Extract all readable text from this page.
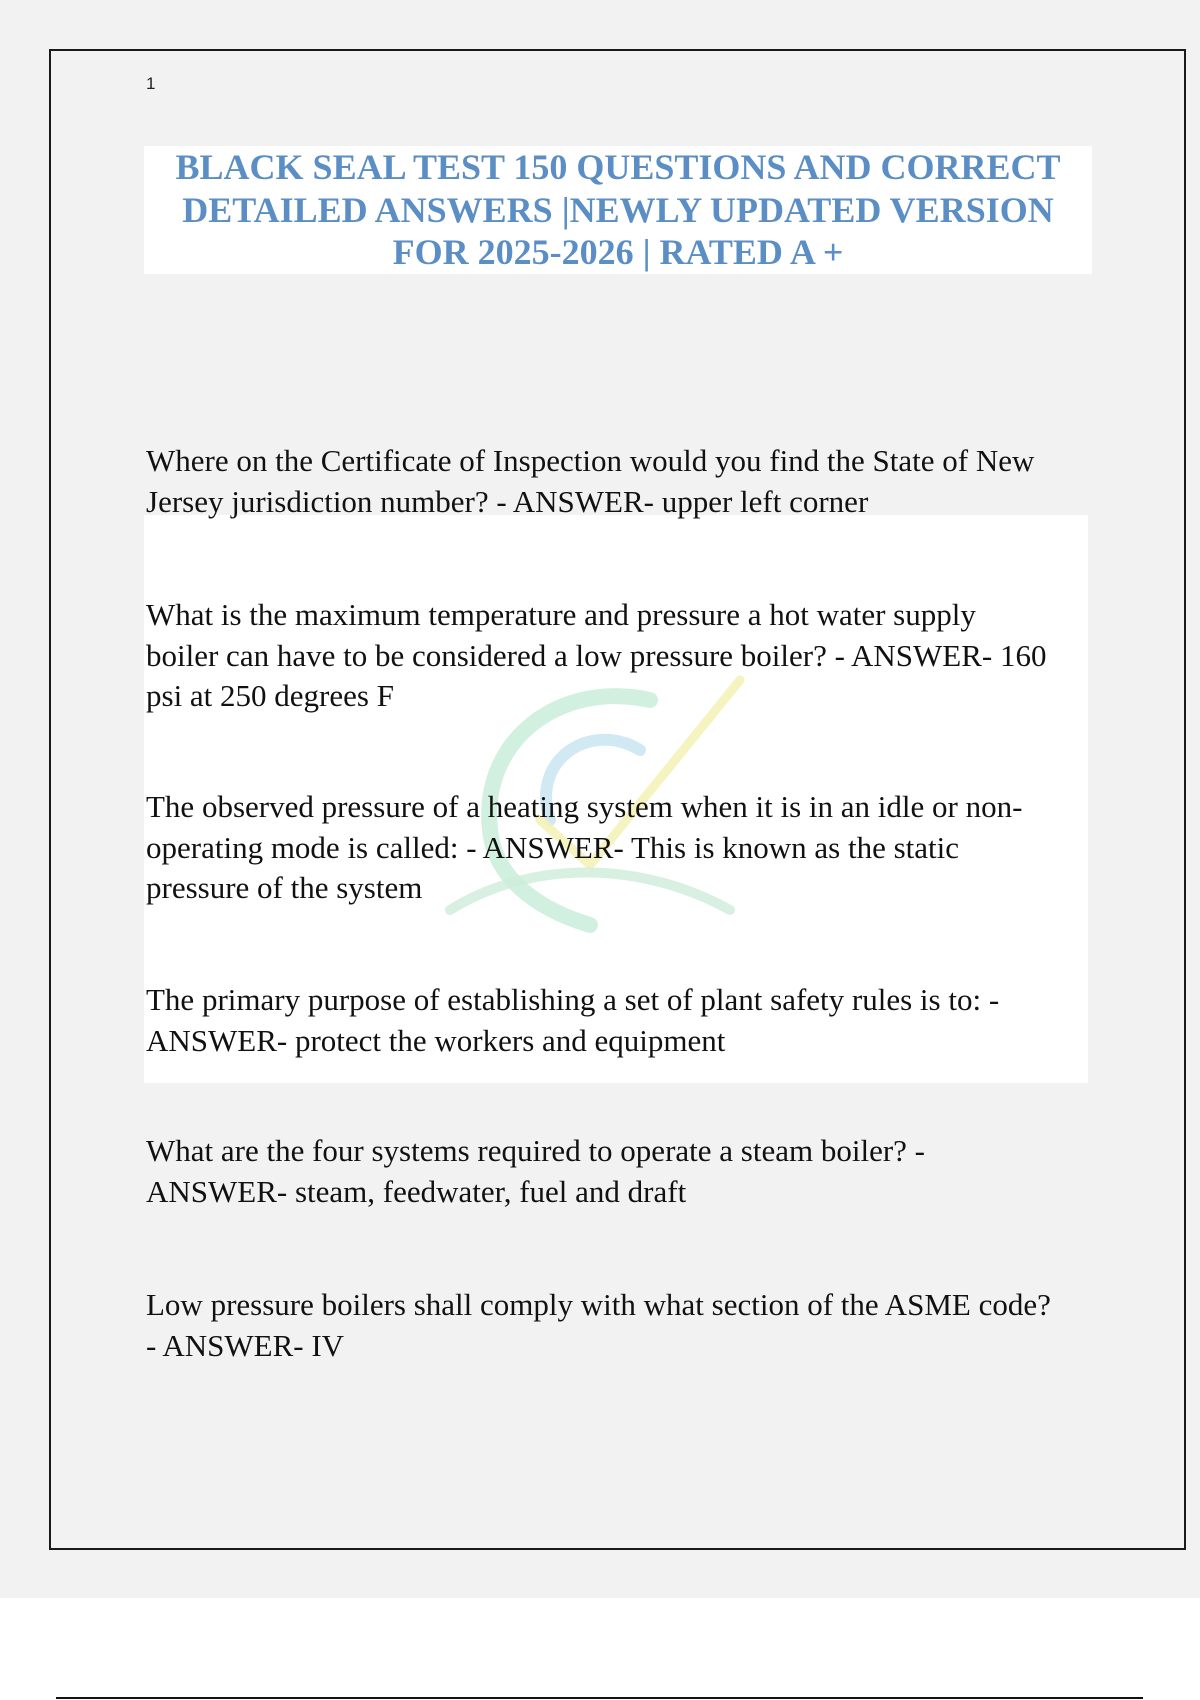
1
BLACK SEAL TEST 150 QUESTIONS AND CORRECT
DETAILED ANSWERS |NEWLY UPDATED VERSION
FOR 2025-2026 | RATED A +

Where on the Certificate of Inspection would you find the State of New
Jersey jurisdiction number? - ANSWER- upper left corner

What is the maximum temperature and pressure a hot water supply
boiler can have to be considered a low pressure boiler? - ANSWER- 160
psi at 250 degrees F

The observed pressure of a heating system when it is in an idle or non-
operating mode is called: - ANSWER- This is known as the static
pressure of the system

The primary purpose of establishing a set of plant safety rules is to: -
ANSWER- protect the workers and equipment

What are the four systems required to operate a steam boiler? -
ANSWER- steam, feedwater, fuel and draft

Low pressure boilers shall comply with what section of the ASME code?
- ANSWER- IV
